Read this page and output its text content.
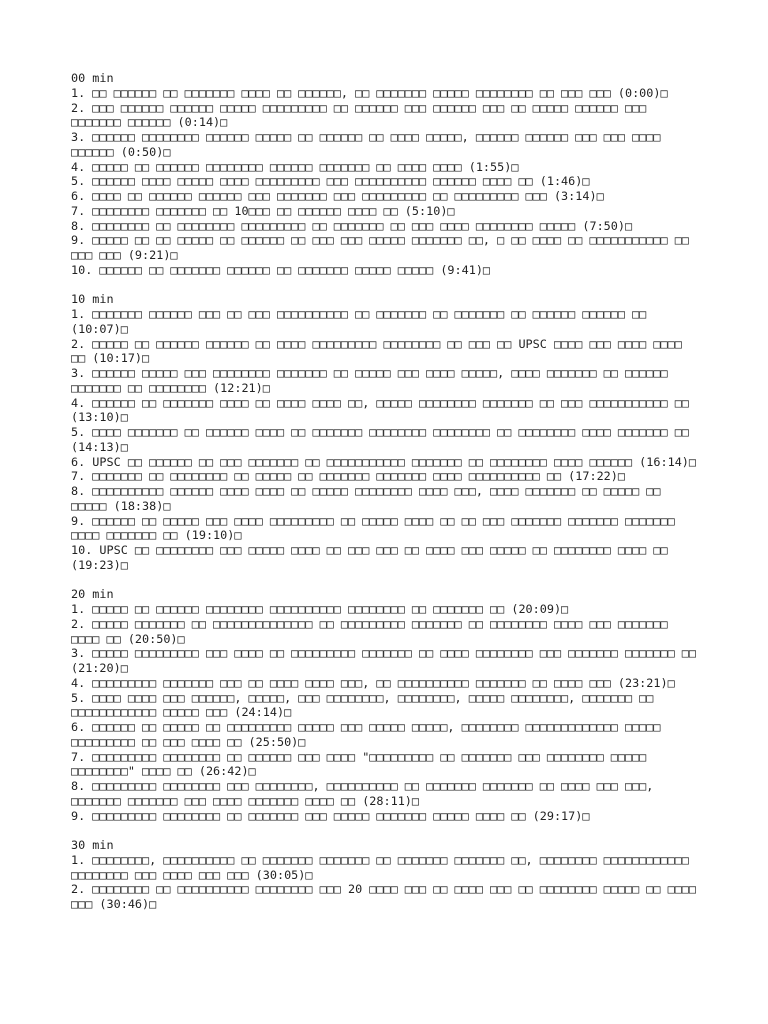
00 min
1. □□ □□□□□□ □□ □□□□□□□ □□□□ □□ □□□□□□, □□ □□□□□□□ □□□□□ □□□□□□□□ □□ □□□ □□□ (0:00)□
2. □□□ □□□□□□ □□□□□□ □□□□□ □□□□□□□□□ □□ □□□□□□ □□□ □□□□□□ □□□ □□ □□□□□ □□□□□□ □□□ □□□□□□□ □□□□□□ (0:14)□
3. □□□□□□ □□□□□□□□ □□□□□□ □□□□□ □□ □□□□□□ □□ □□□□ □□□□□, □□□□□□ □□□□□□ □□□ □□□ □□□□ □□□□□□ (0:50)□
4. □□□□□ □□ □□□□□□ □□□□□□□□ □□□□□□ □□□□□□□ □□ □□□□ □□□□ (1:55)□
5. □□□□□□ □□□□ □□□□□ □□□□ □□□□□□□□□ □□□ □□□□□□□□□□ □□□□□□ □□□□ □□ (1:46)□
6. □□□□ □□ □□□□□□ □□□□□□ □□□ □□□□□□□ □□□ □□□□□□□□□ □□ □□□□□□□□□ □□□ (3:14)□
7. □□□□□□□□ □□□□□□□ □□ 10□□□ □□ □□□□□□ □□□□ □□ (5:10)□
8. □□□□□□□□ □□ □□□□□□□□ □□□□□□□□□ □□ □□□□□□□ □□ □□□ □□□□ □□□□□□□□ □□□□□ (7:50)□
9. □□□□□ □□ □□ □□□□□ □□ □□□□□□ □□ □□□ □□□ □□□□□ □□□□□□□ □□, □ □□ □□□□ □□ □□□□□□□□□□□ □□ □□□ □□□ (9:21)□
10. □□□□□□ □□ □□□□□□□ □□□□□□ □□ □□□□□□□ □□□□□ □□□□□ (9:41)□
10 min
1. □□□□□□□ □□□□□□ □□□ □□ □□□ □□□□□□□□□□ □□ □□□□□□□ □□ □□□□□□□ □□ □□□□□□ □□□□□□ □□ (10:07)□
2. □□□□□ □□ □□□□□□ □□□□□□ □□ □□□□ □□□□□□□□□ □□□□□□□□ □□ □□□ □□ UPSC □□□□ □□□ □□□□ □□□□ □□ (10:17)□
3. □□□□□□ □□□□□ □□□ □□□□□□□□ □□□□□□□ □□ □□□□□ □□□ □□□□ □□□□□, □□□□ □□□□□□□ □□ □□□□□□ □□□□□□□ □□ □□□□□□□□ (12:21)□
4. □□□□□□ □□ □□□□□□□ □□□□ □□ □□□□ □□□□ □□, □□□□□ □□□□□□□□ □□□□□□□ □□ □□□ □□□□□□□□□□□ □□ (13:10)□
5. □□□□ □□□□□□□ □□ □□□□□□ □□□□ □□ □□□□□□□ □□□□□□□□ □□□□□□□□ □□ □□□□□□□□ □□□□ □□□□□□□ □□ (14:13)□
6. UPSC □□ □□□□□□ □□ □□□ □□□□□□□ □□ □□□□□□□□□□□ □□□□□□□ □□ □□□□□□□□ □□□□ □□□□□□ (16:14)□
7. □□□□□□□ □□ □□□□□□□□ □□ □□□□□ □□ □□□□□□□ □□□□□□□ □□□□ □□□□□□□□□□ □□ (17:22)□
8. □□□□□□□□□□ □□□□□□ □□□□ □□□□ □□ □□□□□ □□□□□□□□ □□□□ □□□, □□□□ □□□□□□□ □□ □□□□□ □□ □□□□□ (18:38)□
9. □□□□□□ □□ □□□□□ □□□ □□□□ □□□□□□□□□ □□ □□□□□ □□□□ □□ □□ □□□ □□□□□□□ □□□□□□□ □□□□□□□ □□□□ □□□□□□□ □□ (19:10)□
10. UPSC □□ □□□□□□□□ □□□ □□□□□ □□□□ □□ □□□ □□□ □□ □□□□ □□□ □□□□□ □□ □□□□□□□□ □□□□ □□ (19:23)□
20 min
1. □□□□□ □□ □□□□□□ □□□□□□□□ □□□□□□□□□□ □□□□□□□□ □□ □□□□□□□ □□ (20:09)□
2. □□□□□ □□□□□□□ □□ □□□□□□□□□□□□□□ □□ □□□□□□□□□ □□□□□□□ □□ □□□□□□□□ □□□□ □□□ □□□□□□□ □□□□ □□ (20:50)□
3. □□□□□ □□□□□□□□□ □□□ □□□□ □□ □□□□□□□□□ □□□□□□□ □□ □□□□ □□□□□□□□ □□□ □□□□□□□ □□□□□□□ □□ (21:20)□
4. □□□□□□□□□ □□□□□□□ □□□ □□ □□□□ □□□□ □□□, □□ □□□□□□□□□□ □□□□□□□ □□ □□□□ □□□ (23:21)□
5. □□□□ □□□□ □□□ □□□□□□, □□□□□, □□□ □□□□□□□□, □□□□□□□□, □□□□□ □□□□□□□□, □□□□□□□ □□ □□□□□□□□□□□□ □□□□□ □□□ (24:14)□
6. □□□□□□ □□ □□□□□ □□ □□□□□□□□□ □□□□□ □□□ □□□□□ □□□□□, □□□□□□□□ □□□□□□□□□□□□□ □□□□□ □□□□□□□□□ □□ □□□ □□□□ □□ (25:50)□
7. □□□□□□□□□ □□□□□□□□ □□ □□□□□□ □□□ □□□□ "□□□□□□□□□ □□ □□□□□□□ □□□ □□□□□□□□ □□□□□ □□□□□□□□" □□□□ □□ (26:42)□
8. □□□□□□□□□ □□□□□□□□ □□□ □□□□□□□□, □□□□□□□□□□ □□ □□□□□□□ □□□□□□□ □□ □□□□ □□□ □□□, □□□□□□□ □□□□□□□ □□□ □□□□ □□□□□□□ □□□□ □□ (28:11)□
9. □□□□□□□□□ □□□□□□□□ □□ □□□□□□□ □□□ □□□□□ □□□□□□□ □□□□□ □□□□ □□ (29:17)□
30 min
1. □□□□□□□□, □□□□□□□□□□ □□ □□□□□□□ □□□□□□□ □□ □□□□□□□ □□□□□□□ □□, □□□□□□□□ □□□□□□□□□□□□ □□□□□□□□ □□□ □□□□ □□□ □□□ (30:05)□
2. □□□□□□□□ □□ □□□□□□□□□□ □□□□□□□□ □□□ 20 □□□□ □□□ □□ □□□□ □□□ □□ □□□□□□□□ □□□□□ □□ □□□□ □□□ (30:46)□
